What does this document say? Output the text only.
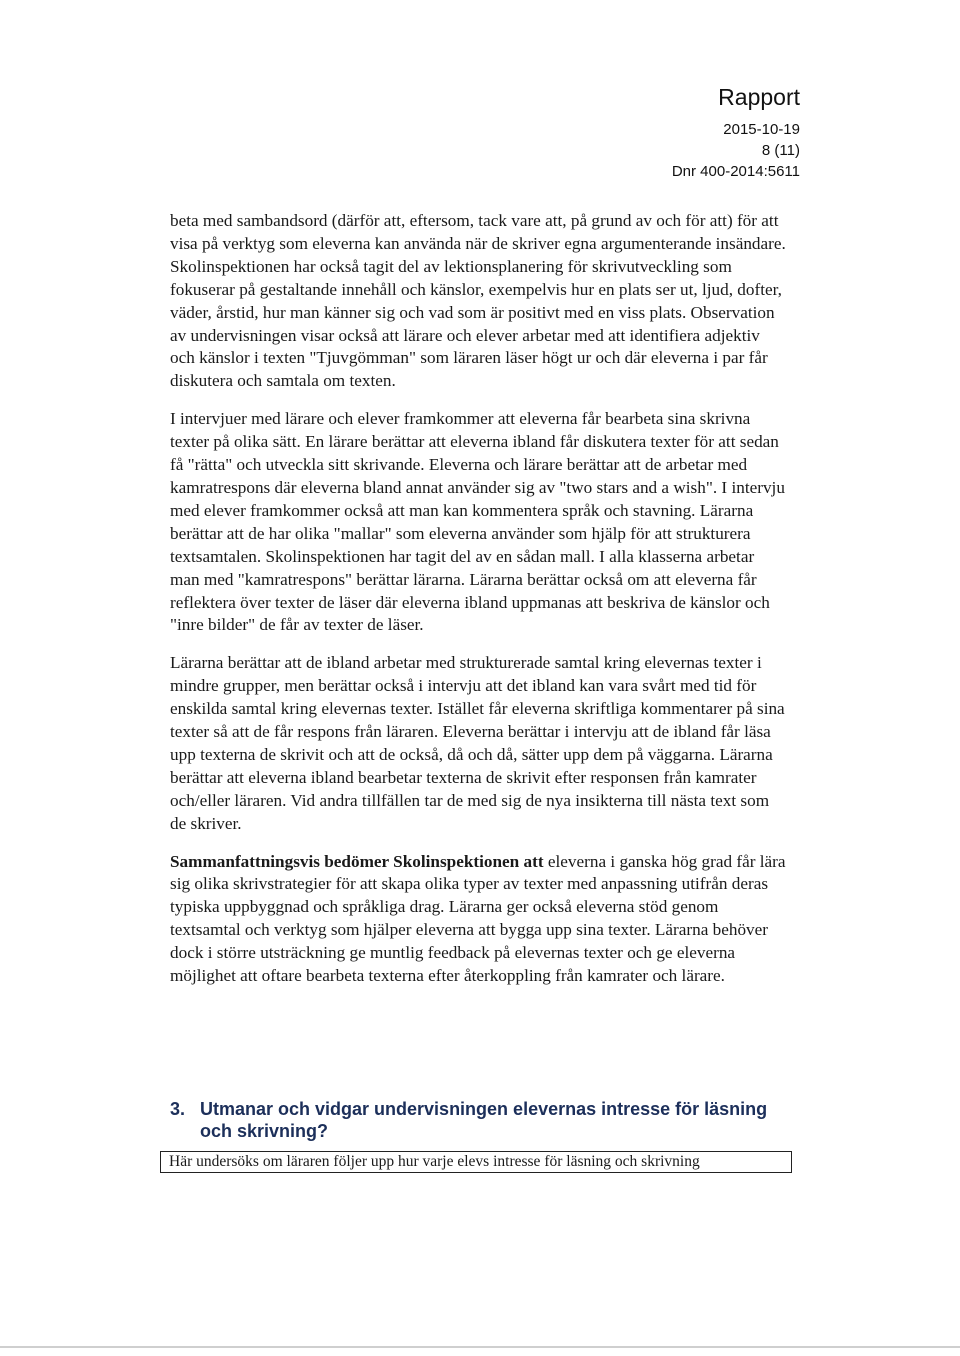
Rapport
2015-10-19
8 (11)
Dnr 400-2014:5611

beta med sambandsord (därför att, eftersom, tack vare att, på grund av och för att) för att visa på verktyg som eleverna kan använda när de skriver egna argumenterande insändare. Skolinspektionen har också tagit del av lektionsplanering för skrivutveckling som fokuserar på gestaltande innehåll och känslor, exempelvis hur en plats ser ut, ljud, dofter, väder, årstid, hur man känner sig och vad som är positivt med en viss plats. Observation av undervisningen visar också att lärare och elever arbetar med att identifiera adjektiv och känslor i texten "Tjuvgömman" som läraren läser högt ur och där eleverna i par får diskutera och samtala om texten.

I intervjuer med lärare och elever framkommer att eleverna får bearbeta sina skrivna texter på olika sätt. En lärare berättar att eleverna ibland får diskutera texter för att sedan få "rätta" och utveckla sitt skrivande. Eleverna och lärare berättar att de arbetar med kamratrespons där eleverna bland annat använder sig av "two stars and a wish". I intervju med elever framkommer också att man kan kommentera språk och stavning. Lärarna berättar att de har olika "mallar" som eleverna använder som hjälp för att strukturera textsamtalen. Skolinspektionen har tagit del av en sådan mall. I alla klasserna arbetar man med "kamratrespons" berättar lärarna. Lärarna berättar också om att eleverna får reflektera över texter de läser där eleverna ibland uppmanas att beskriva de känslor och "inre bilder" de får av texter de läser.

Lärarna berättar att de ibland arbetar med strukturerade samtal kring elevernas texter i mindre grupper, men berättar också i intervju att det ibland kan vara svårt med tid för enskilda samtal kring elevernas texter. Istället får eleverna skriftliga kommentarer på sina texter så att de får respons från läraren. Eleverna berättar i intervju att de ibland får läsa upp texterna de skrivit och att de också, då och då, sätter upp dem på väggarna. Lärarna berättar att eleverna ibland bearbetar texterna de skrivit efter responsen från kamrater och/eller läraren. Vid andra tillfällen tar de med sig de nya insikterna till nästa text som de skriver.

Sammanfattningsvis bedömer Skolinspektionen att eleverna i ganska hög grad får lära sig olika skrivstrategier för att skapa olika typer av texter med anpassning utifrån deras typiska uppbyggnad och språkliga drag. Lärarna ger också eleverna stöd genom textsamtal och verktyg som hjälper eleverna att bygga upp sina texter. Lärarna behöver dock i större utsträckning ge muntlig feedback på elevernas texter och ge eleverna möjlighet att oftare bearbeta texterna efter återkoppling från kamrater och lärare.

3. Utmanar och vidgar undervisningen elevernas intresse för läsning och skrivning?
Här undersöks om läraren följer upp hur varje elevs intresse för läsning och skrivning
